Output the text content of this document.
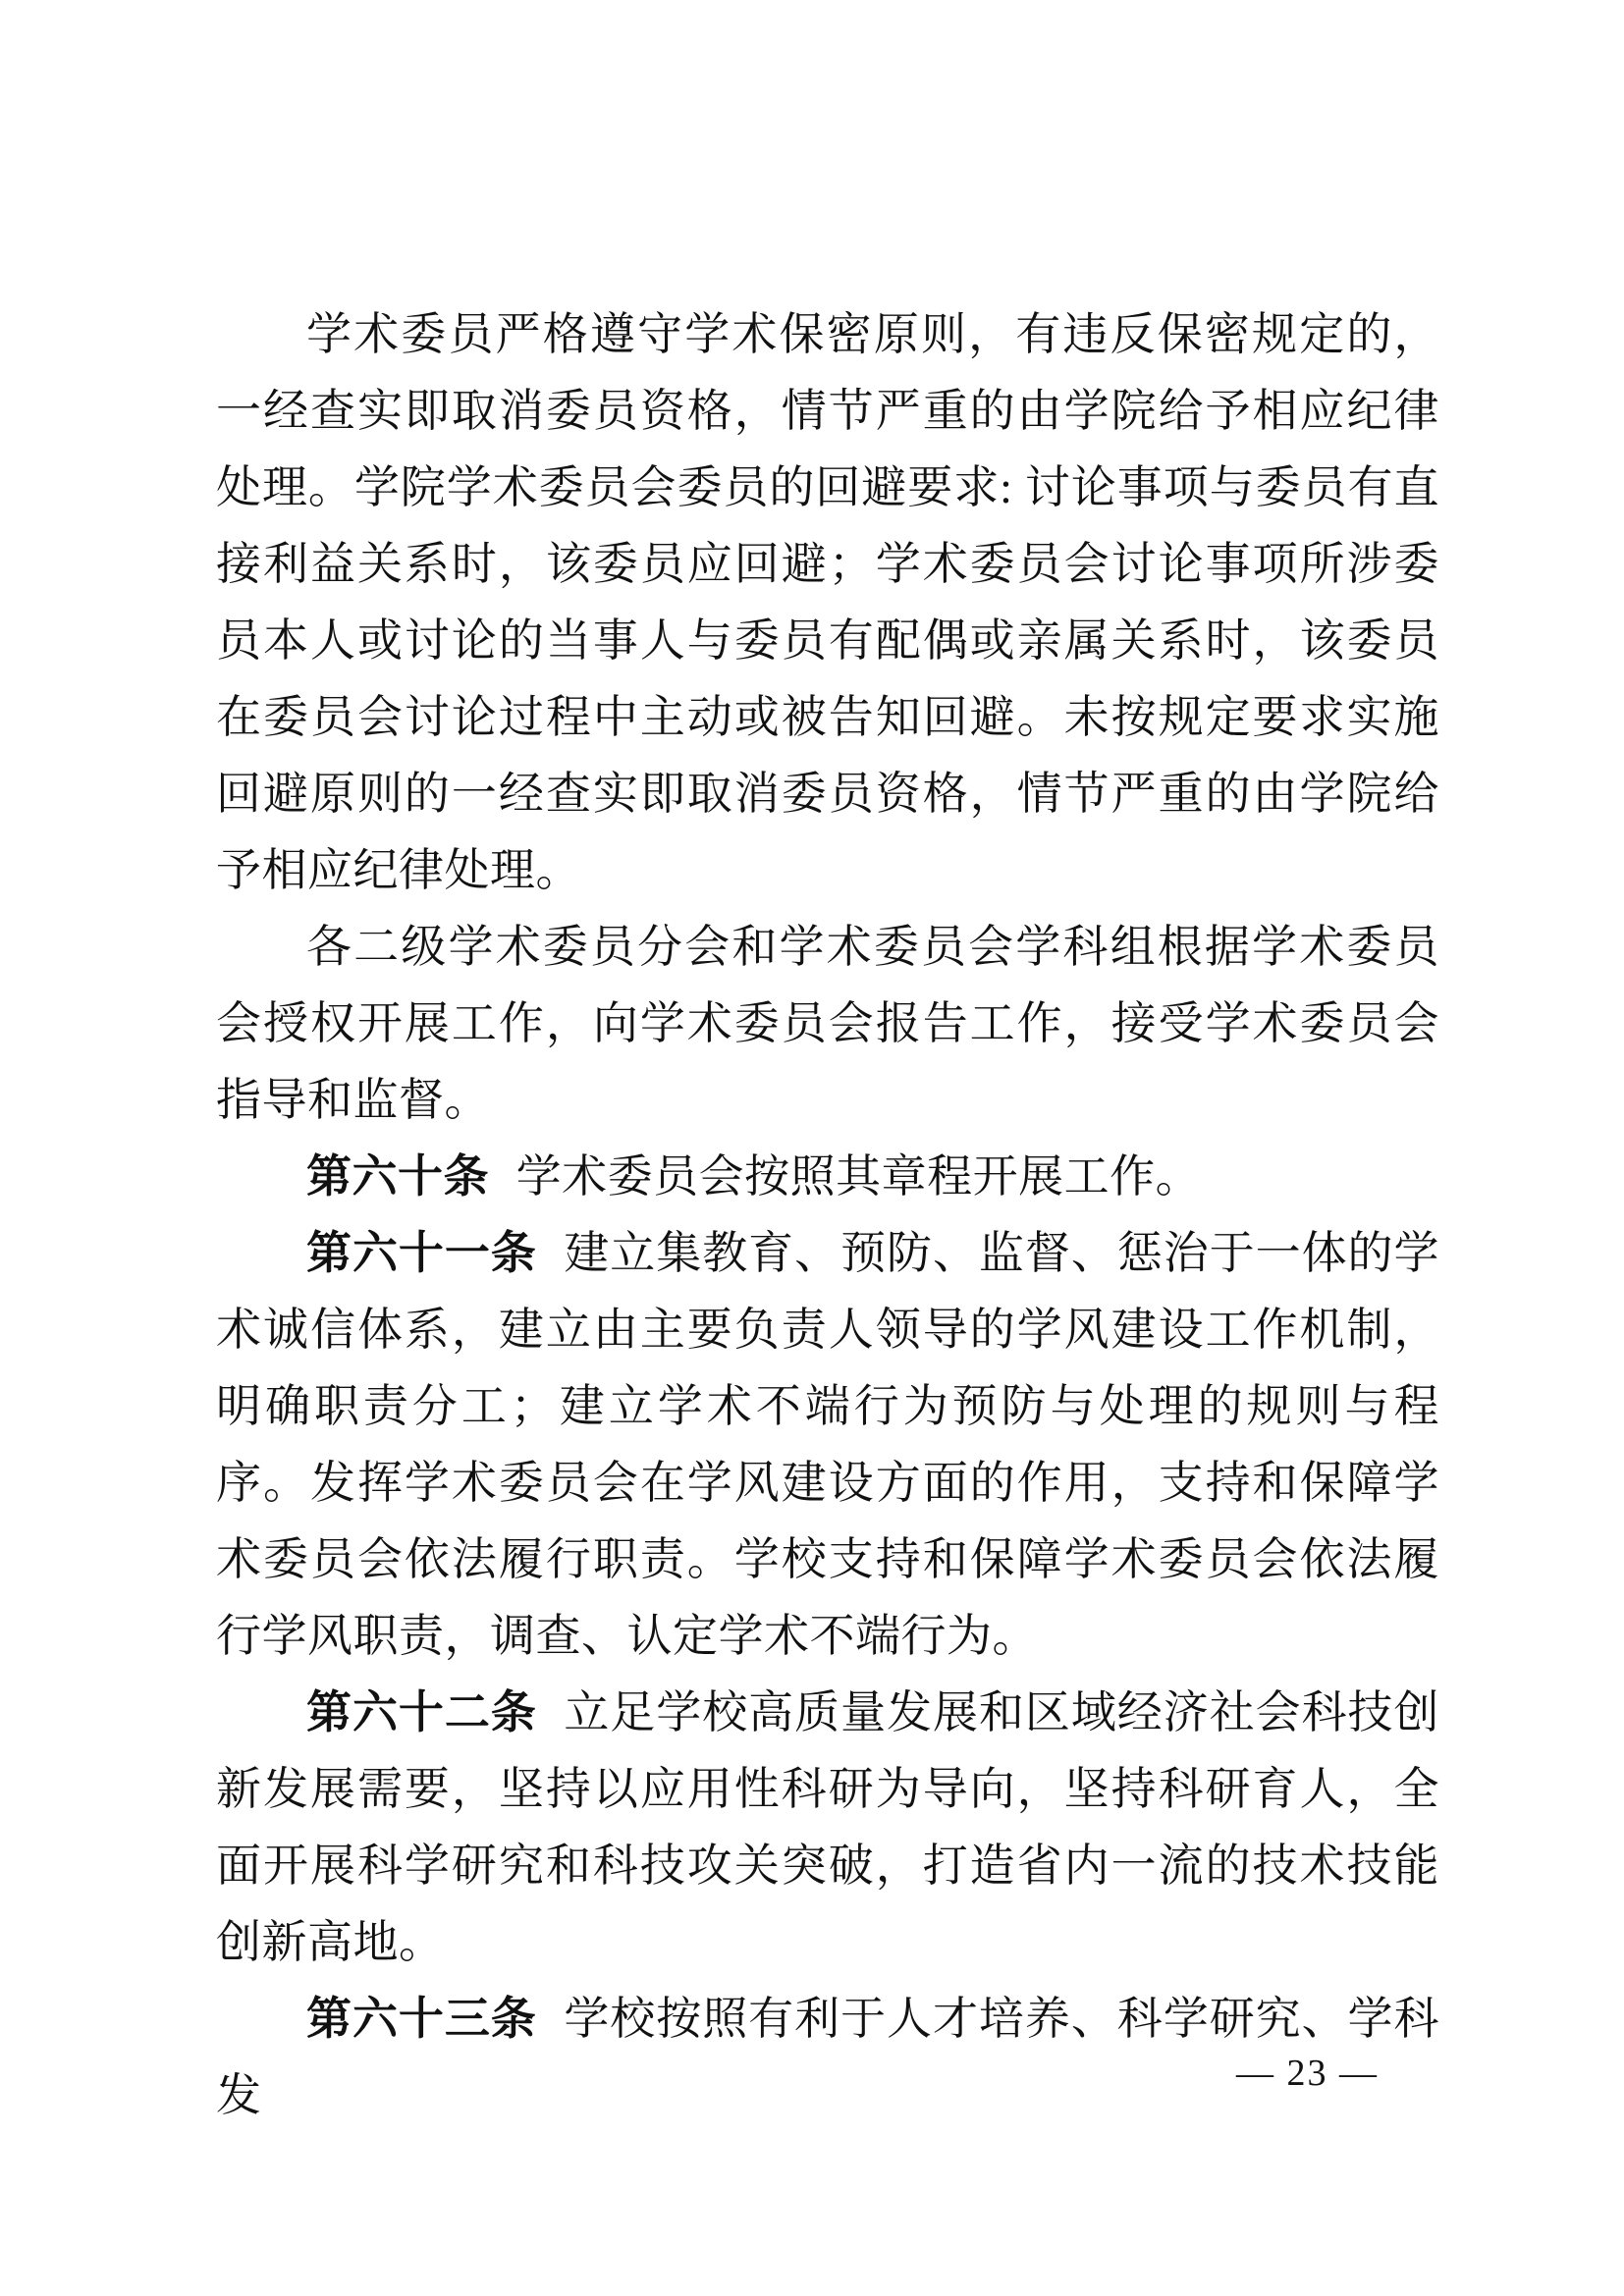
学术委员严格遵守学术保密原则，有违反保密规定的，一经查实即取消委员资格，情节严重的由学院给予相应纪律处理。学院学术委员会委员的回避要求: 讨论事项与委员有直接利益关系时，该委员应回避；学术委员会讨论事项所涉委员本人或讨论的当事人与委员有配偶或亲属关系时，该委员在委员会讨论过程中主动或被告知回避。未按规定要求实施回避原则的一经查实即取消委员资格，情节严重的由学院给予相应纪律处理。

各二级学术委员分会和学术委员会学科组根据学术委员会授权开展工作，向学术委员会报告工作，接受学术委员会指导和监督。

第六十条 学术委员会按照其章程开展工作。

第六十一条 建立集教育、预防、监督、惩治于一体的学术诚信体系，建立由主要负责人领导的学风建设工作机制，明确职责分工；建立学术不端行为预防与处理的规则与程序。发挥学术委员会在学风建设方面的作用，支持和保障学术委员会依法履行职责。学校支持和保障学术委员会依法履行学风职责，调查、认定学术不端行为。

第六十二条 立足学校高质量发展和区域经济社会科技创新发展需要，坚持以应用性科研为导向，坚持科研育人，全面开展科学研究和科技攻关突破，打造省内一流的技术技能创新高地。

第六十三条 学校按照有利于人才培养、科学研究、学科发	— 23 —
